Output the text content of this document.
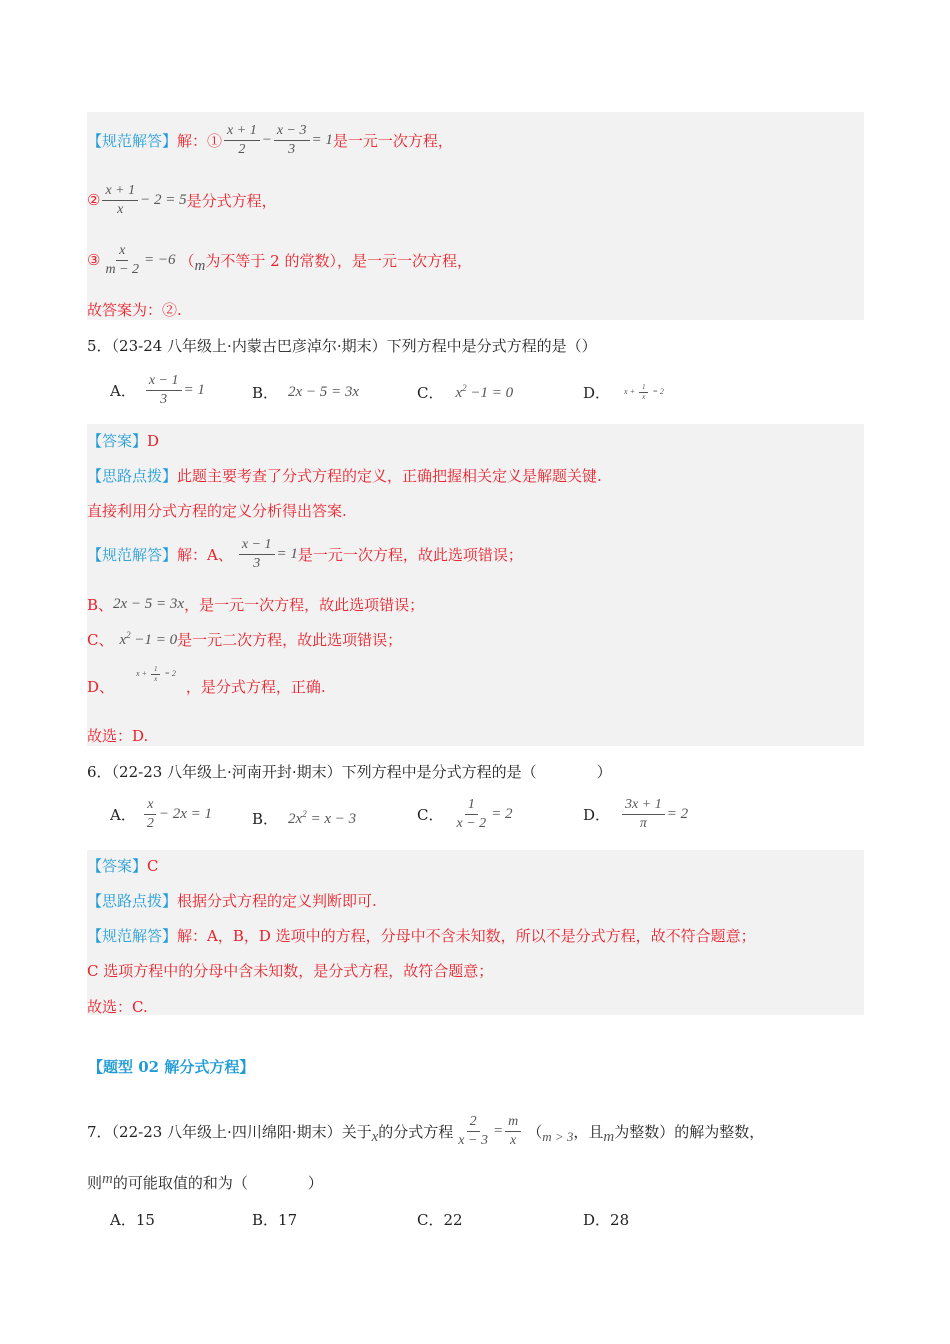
【规范解答】 解：① $\frac{x + 1}{2} - \frac{x - 3}{3} = 1$ 是一元一次方程，
② $\frac{x + 1}{x} - 2 = 5$ 是分式方程，
③ $\frac{x}{m - 2} = -6$ （ m 为不等于 2 的常数），是一元一次方程，
故答案为：②.
5．（23-24 八年级上·内蒙古巴彦淖尔·期末）下列方程中是分式方程的是（）
A． $\frac{x - 1}{3} = 1$	B． 2x − 5 = 3x	C． $x^2 -1 = 0$	D． $x + \frac{1}{x} = 2$
【答案】 D
【思路点拨】 此题主要考查了分式方程的定义，正确把握相关定义是解题关键.
直接利用分式方程的定义分析得出答案.
【规范解答】 解：A、 $\frac{x - 1}{3} = 1$ 是一元一次方程，故此选项错误；
B、 2x − 5 = 3x ，是一元一次方程，故此选项错误；
C、 $x^2 -1 = 0$ 是一元二次方程，故此选项错误；
D、
$x + \frac{1}{x} = 2$
，是分式方程，正确.
故选：D.
6．（22-23 八年级上·河南开封·期末）下列方程中是分式方程的是（　　　　）
A． $\frac{x}{2} - 2x = 1$	B． $2x^2 = x - 3$	C． $\frac{1}{x - 2} = 2$	D． $\frac{3x + 1}{\pi} = 2$
【答案】 C
【思路点拨】 根据分式方程的定义判断即可.
【规范解答】 解：A，B，D 选项中的方程，分母中不含未知数，所以不是分式方程，故不符合题意；
C 选项方程中的分母中含未知数，是分式方程，故符合题意；
故选：C.
【题型 02 解分式方程】
7．（22-23 八年级上·四川绵阳·期末）关于 x 的分式方程 $\frac{2}{x - 3} = \frac{m}{x}$ （ m > 3 ，且 m 为整数）的解为整数，
则 m 的可能取值的和为（　　　　）
A． 15	B． 17	C． 22	D． 28
